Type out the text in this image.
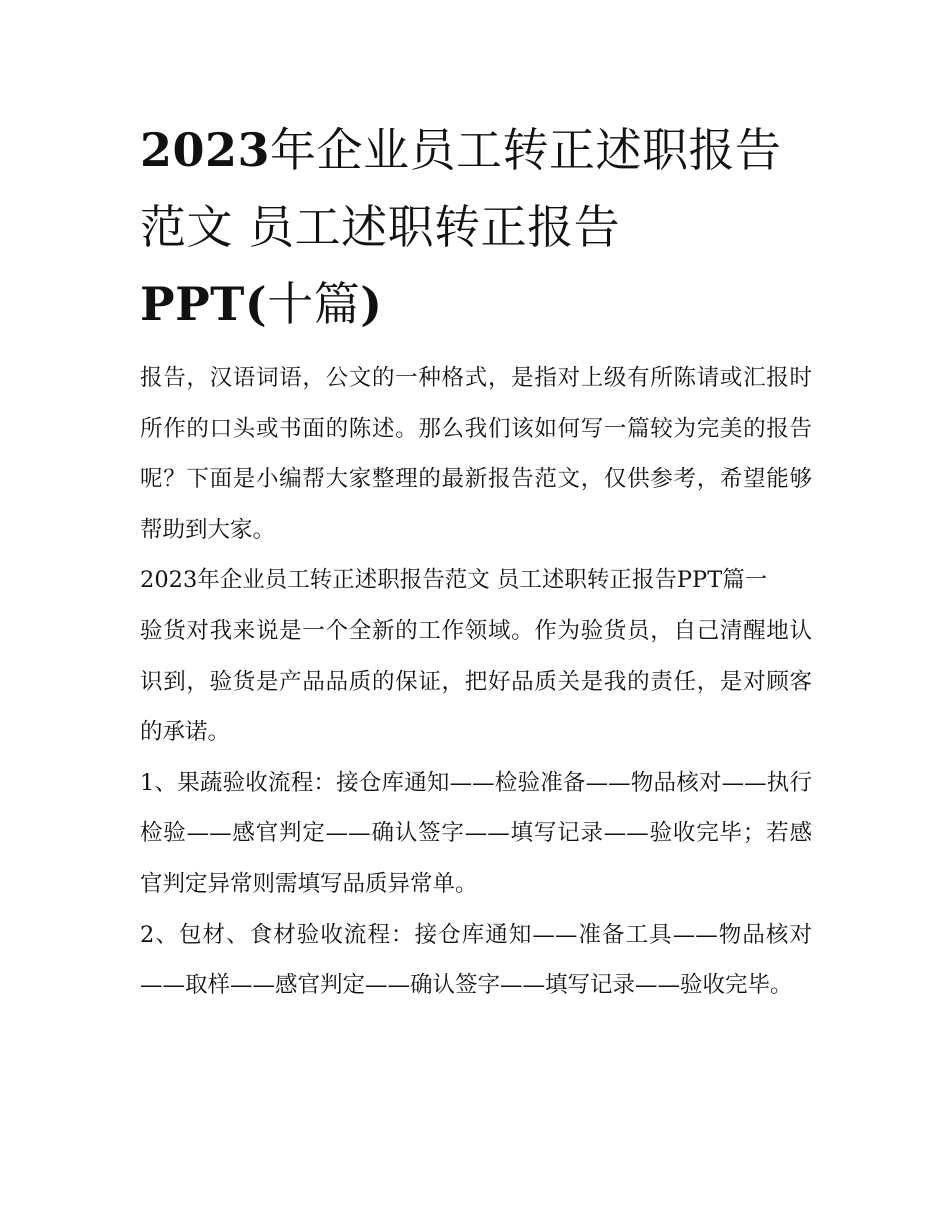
2023年企业员工转正述职报告
范文 员工述职转正报告
PPT(十篇)

报告，汉语词语，公文的一种格式，是指对上级有所陈请或汇报时所作的口头或书面的陈述。那么我们该如何写一篇较为完美的报告呢？下面是小编帮大家整理的最新报告范文，仅供参考，希望能够帮助到大家。

2023年企业员工转正述职报告范文 员工述职转正报告PPT篇一

验货对我来说是一个全新的工作领域。作为验货员，自己清醒地认识到，验货是产品品质的保证，把好品质关是我的责任，是对顾客的承诺。

1、果蔬验收流程：接仓库通知——检验准备——物品核对——执行检验——感官判定——确认签字——填写记录——验收完毕；若感官判定异常则需填写品质异常单。

2、包材、食材验收流程：接仓库通知——准备工具——物品核对——取样——感官判定——确认签字——填写记录——验收完毕。
